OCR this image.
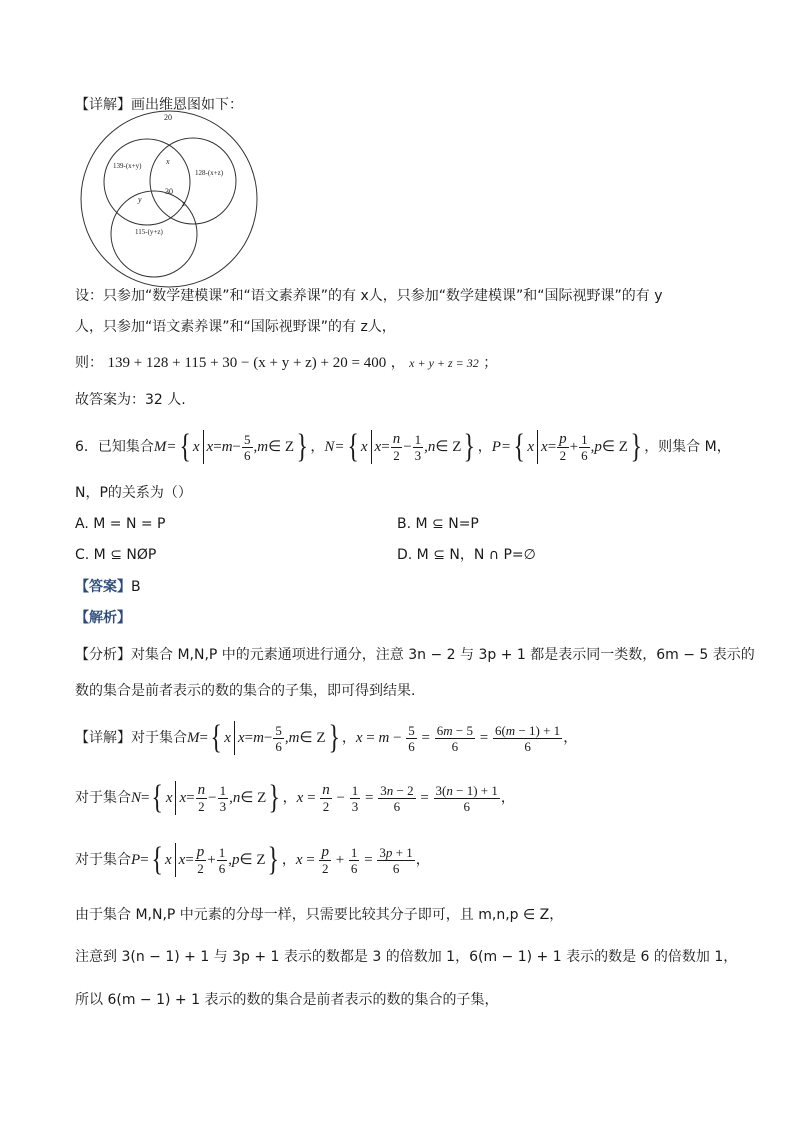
【详解】画出维恩图如下：
20
139-(x+y)
128-(x+z)
115-(y+z)
x
y	z
30
设：只参加“数学建模课”和“语文素养课”的有 x人，只参加“数学建模课”和“国际视野课”的有 y
人，只参加“语文素养课”和“国际视野课”的有 z人，
则： 139 + 128 + 115 + 30 − (x + y + z) + 20 = 400 ， x + y + z = 32 ；
故答案为：32 人.
6．已知集合 M= { x $x = m - \frac{5}{6}$ , m ∈ Z } ， N= { x $x = \frac{n}{2} - \frac{1}{3}$ , n ∈ Z } ， P= { x $x = \frac{p}{2} + \frac{1}{6}$ , p ∈ Z } ，则集合 M，
N，P的关系为（）
A. M = N = P	B. M ⊆ N=P
C. M ⊆ NØP	D. M ⊆ N，N ∩ P=∅
【答案】B
【解析】
【分析】对集合 M,N,P 中的元素通项进行通分，注意 3n − 2 与 3p + 1 都是表示同一类数，6m − 5 表示的
数的集合是前者表示的数的集合的子集，即可得到结果.
【详解】 对于集合 M = { x $x = m - \frac{5}{6}$ , m ∈ Z } ， $x = m - \frac{5}{6} = \frac{6m - 5}{6} = \frac{6(m - 1) + 1}{6}$ ，
对于集合 N = { x $x = \frac{n}{2} - \frac{1}{3}$ , n ∈ Z } ， $x = \frac{n}{2} - \frac{1}{3} = \frac{3n - 2}{6} = \frac{3(n - 1) + 1}{6}$ ，
对于集合 P = { x $x = \frac{p}{2} + \frac{1}{6}$ , p ∈ Z } ， $x = \frac{p}{2} + \frac{1}{6} = \frac{3p + 1}{6}$ ，
由于集合 M,N,P 中元素的分母一样，只需要比较其分子即可，且 m,n,p ∈ Z，
注意到 3(n − 1) + 1 与 3p + 1 表示的数都是 3 的倍数加 1，6(m − 1) + 1 表示的数是 6 的倍数加 1，
所以 6(m − 1) + 1 表示的数的集合是前者表示的数的集合的子集，
